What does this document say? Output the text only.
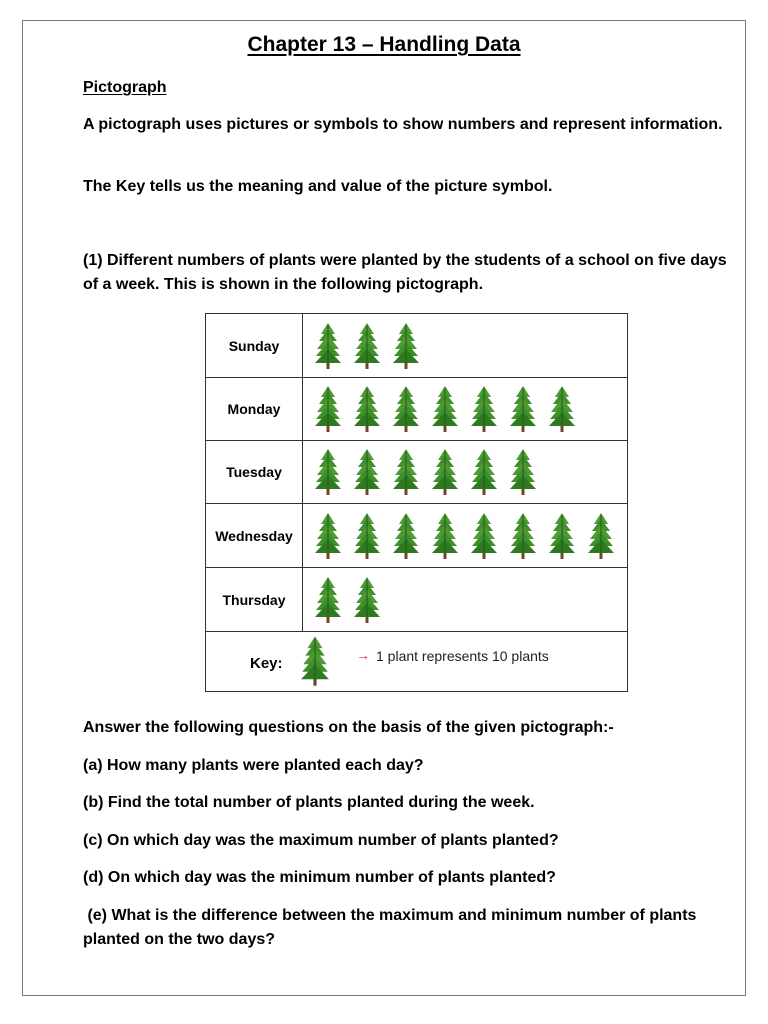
Chapter 13 – Handling Data
Pictograph
A pictograph uses pictures or symbols to show numbers and represent information.
The Key tells us the meaning and value of the picture symbol.
(1) Different numbers of plants were planted by the students of a school on five days of a week. This is shown in the following pictograph.
Thursday
Wednesday
Tuesday
Monday
Sunday
Key:	→ 1 plant represents 10 plants
Answer the following questions on the basis of the given pictograph:-
(a) How many plants were planted each day?
(b) Find the total number of plants planted during the week.
(c) On which day was the maximum number of plants planted?
(d) On which day was the minimum number of plants planted?
(e) What is the difference between the maximum and minimum number of plants planted on the two days?
